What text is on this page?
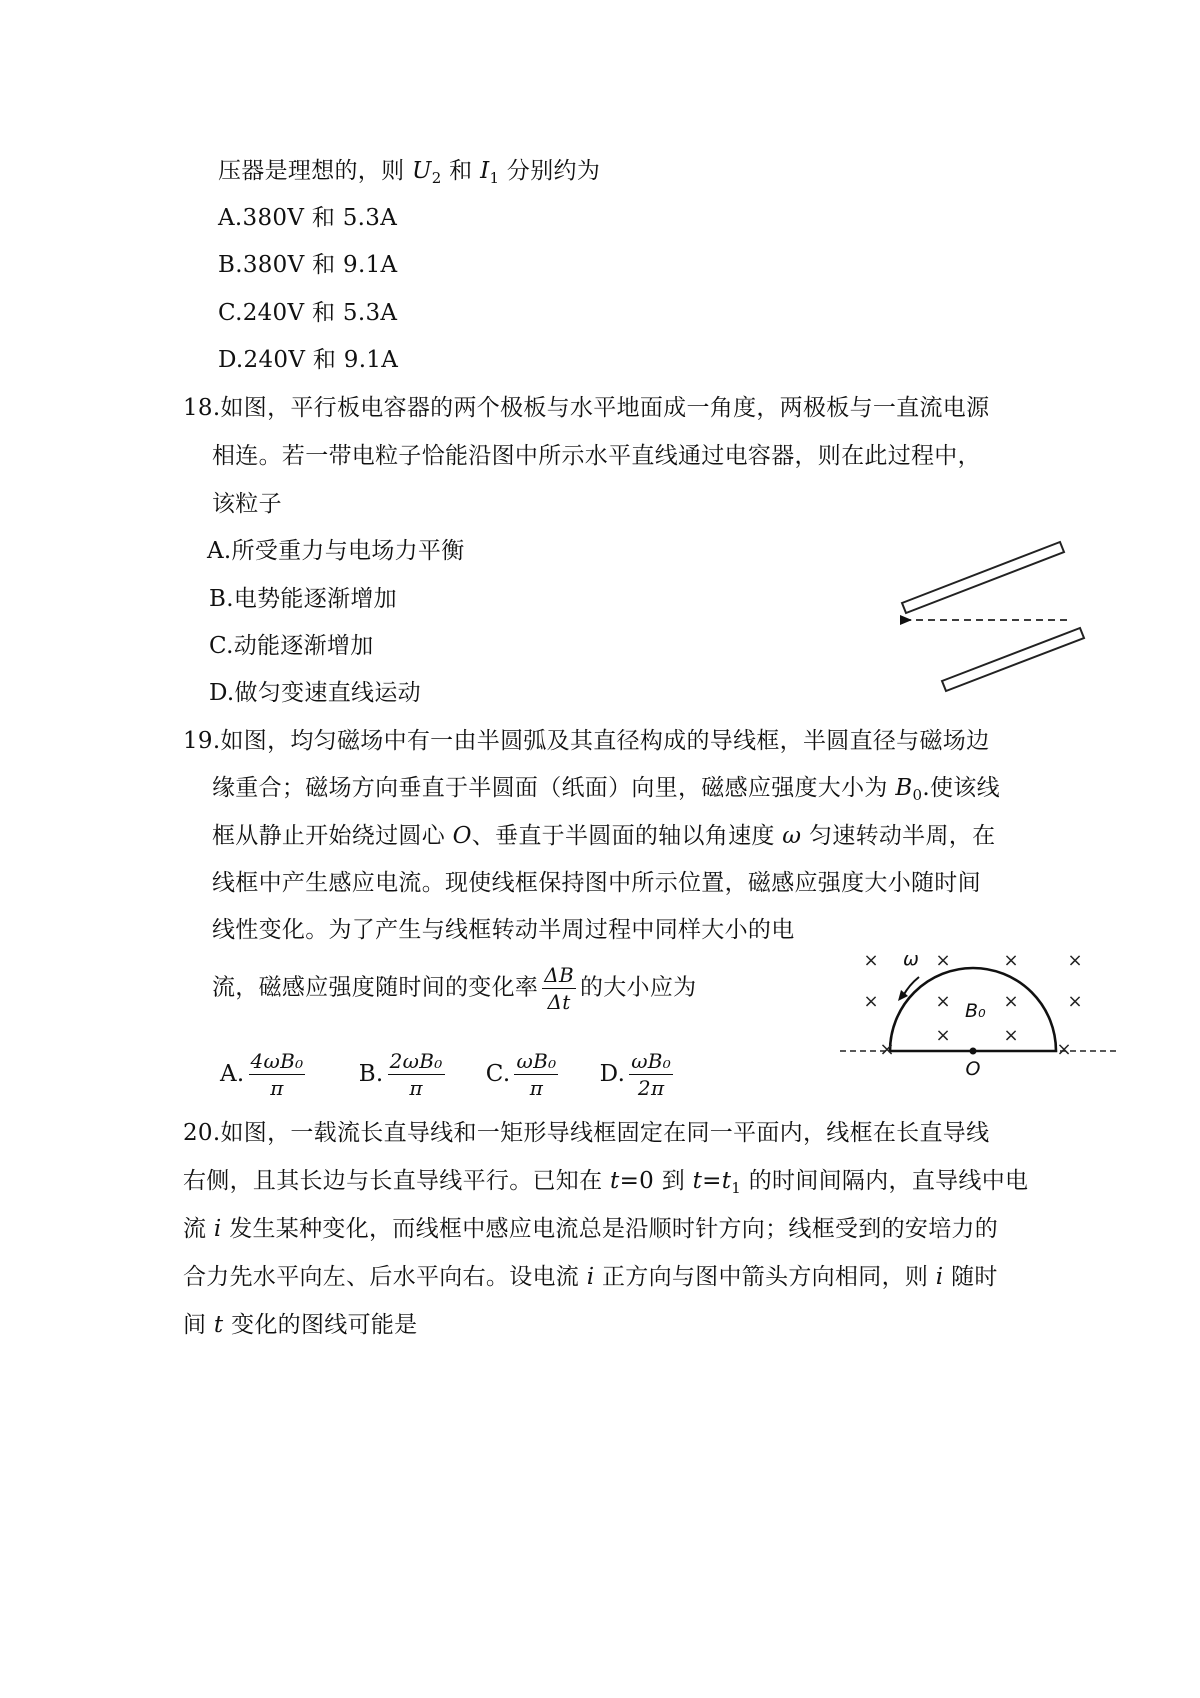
压器是理想的，则 $U_2$ 和 $I_1$ 分别约为
A.380V 和 5.3A
B.380V 和 9.1A
C.240V 和 5.3A
D.240V 和 9.1A
18.如图，平行板电容器的两个极板与水平地面成一角度，两极板与一直流电源
相连。若一带电粒子恰能沿图中所示水平直线通过电容器，则在此过程中，
该粒子
A.所受重力与电场力平衡
B.电势能逐渐增加
C.动能逐渐增加
D.做匀变速直线运动
19.如图，均匀磁场中有一由半圆弧及其直径构成的导线框，半圆直径与磁场边
缘重合；磁场方向垂直于半圆面（纸面）向里，磁感应强度大小为 $B_0$.使该线
框从静止开始绕过圆心 O、垂直于半圆面的轴以角速度 ω 匀速转动半周，在
线框中产生感应电流。现使线框保持图中所示位置，磁感应强度大小随时间
线性变化。为了产生与线框转动半周过程中同样大小的电
流，磁感应强度随时间的变化率 $\frac{\Delta B}{\Delta t}$ 的大小应为
A. $\frac{\text{4ωB₀}}{\pi} B$. $\frac{\text{2ωB₀}}{\pi} C$. $\frac{\text{ωB₀}}{\pi} D$. $\frac{\text{ωB₀}}{2\pi}$
×	×	×	×
×	×	×	×
×	×
×	×
ω
B₀
O
20.如图，一载流长直导线和一矩形导线框固定在同一平面内，线框在长直导线
右侧，且其长边与长直导线平行。已知在 t=0 到 $t=t_1$ 的时间间隔内，直导线中电
流 i 发生某种变化，而线框中感应电流总是沿顺时针方向；线框受到的安培力的
合力先水平向左、后水平向右。设电流 i 正方向与图中箭头方向相同，则 i 随时
间 t 变化的图线可能是
